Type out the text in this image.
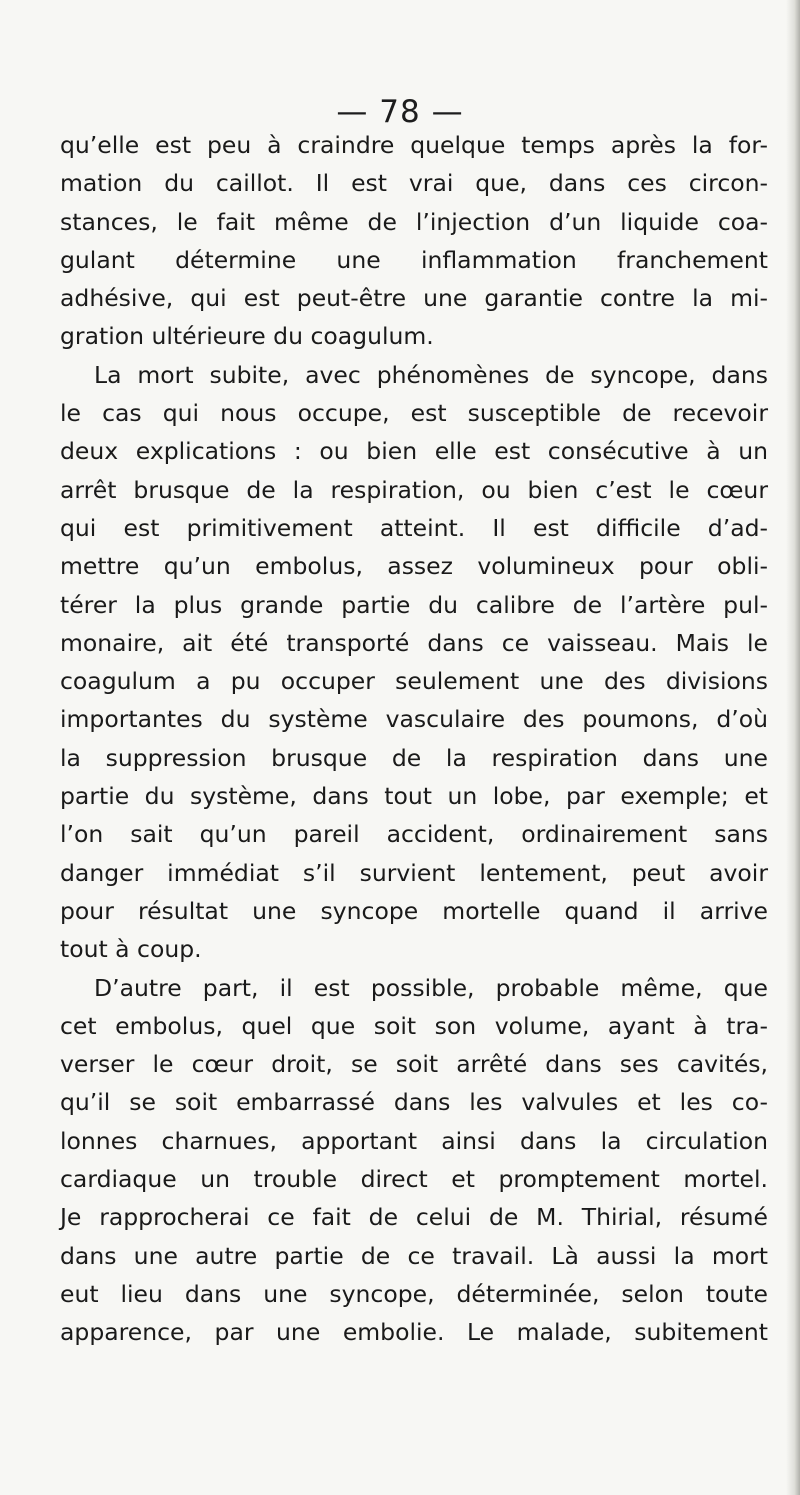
— 78 —
qu’elle est peu à craindre quelque temps après la for-
mation du caillot. Il est vrai que, dans ces circon-
stances, le fait même de l’injection d’un liquide coa-
gulant détermine une inflammation franchement
adhésive, qui est peut-être une garantie contre la mi-
gration ultérieure du coagulum.
La mort subite, avec phénomènes de syncope, dans
le cas qui nous occupe, est susceptible de recevoir
deux explications : ou bien elle est consécutive à un
arrêt brusque de la respiration, ou bien c’est le cœur
qui est primitivement atteint. Il est difficile d’ad-
mettre qu’un embolus, assez volumineux pour obli-
térer la plus grande partie du calibre de l’artère pul-
monaire, ait été transporté dans ce vaisseau. Mais le
coagulum a pu occuper seulement une des divisions
importantes du système vasculaire des poumons, d’où
la suppression brusque de la respiration dans une
partie du système, dans tout un lobe, par exemple; et
l’on sait qu’un pareil accident, ordinairement sans
danger immédiat s’il survient lentement, peut avoir
pour résultat une syncope mortelle quand il arrive
tout à coup.
D’autre part, il est possible, probable même, que
cet embolus, quel que soit son volume, ayant à tra-
verser le cœur droit, se soit arrêté dans ses cavités,
qu’il se soit embarrassé dans les valvules et les co-
lonnes charnues, apportant ainsi dans la circulation
cardiaque un trouble direct et promptement mortel.
Je rapprocherai ce fait de celui de M. Thirial, résumé
dans une autre partie de ce travail. Là aussi la mort
eut lieu dans une syncope, déterminée, selon toute
apparence, par une embolie. Le malade, subitement
